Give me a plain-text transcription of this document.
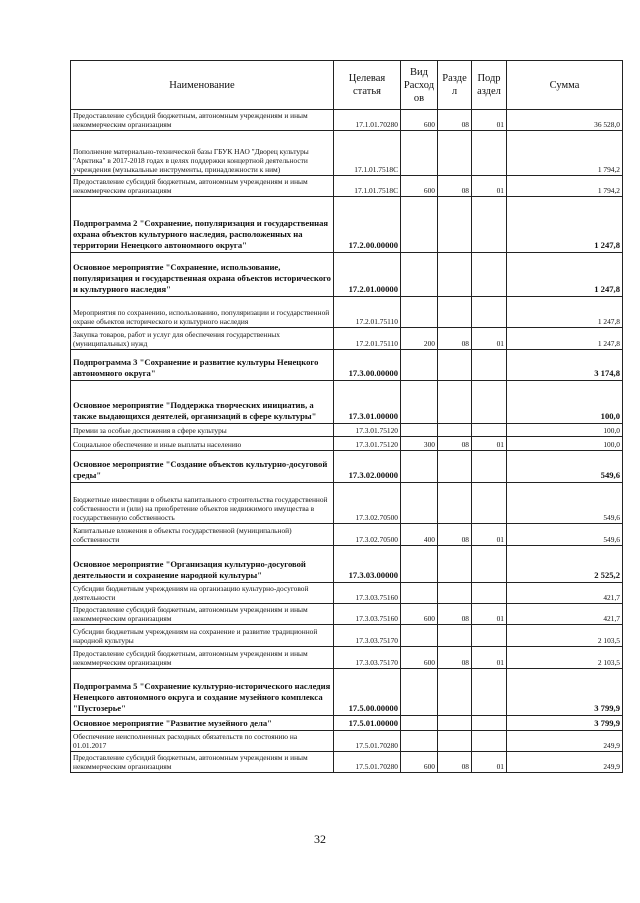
Наименование	Целевая статья	Вид Расход ов	Разде л	Подр аздел	Сумма
Предоставление субсидий бюджетным, автономным учреждениям и иным некоммерческим организациям	17.1.01.70280	600	08	01	36 528,0
Пополнение материально-технической базы ГБУК НАО "Дворец культуры "Арктика" в 2017-2018 годах в целях поддержки концертной деятельности учреждения (музыкальные инструменты, принадлежности к ним)	17.1.01.7518С				1 794,2
Предоставление субсидий бюджетным, автономным учреждениям и иным некоммерческим организациям	17.1.01.7518С	600	08	01	1 794,2
Подпрограмма 2 "Сохранение, популяризация и государственная охрана объектов культурного наследия, расположенных на территории Ненецкого автономного округа"	17.2.00.00000				1 247,8
Основное мероприятие "Сохранение, использование, популяризация и государственная охрана объектов исторического и культурного наследия"	17.2.01.00000				1 247,8
Мероприятия по сохранению, использованию, популяризации и государственной охране объектов исторического и культурного наследия	17.2.01.75110				1 247,8
Закупка товаров, работ и услуг для обеспечения государственных (муниципальных) нужд	17.2.01.75110	200	08	01	1 247,8
Подпрограмма 3 "Сохранение и развитие культуры Ненецкого автономного округа"	17.3.00.00000				3 174,8
Основное мероприятие "Поддержка творческих инициатив, а также выдающихся деятелей, организаций в сфере культуры"	17.3.01.00000				100,0
Премии за особые достижения в сфере культуры	17.3.01.75120				100,0
Социальное обеспечение и иные выплаты населению	17.3.01.75120	300	08	01	100,0
Основное мероприятие "Создание объектов культурно-досуговой среды"	17.3.02.00000				549,6
Бюджетные инвестиции в объекты капитального строительства государственной собственности и (или) на приобретение объектов недвижимого имущества в государственную собственность	17.3.02.70500				549,6
Капитальные вложения в объекты государственной (муниципальной) собственности	17.3.02.70500	400	08	01	549,6
Основное мероприятие "Организация культурно-досуговой деятельности и сохранение народной культуры"	17.3.03.00000				2 525,2
Субсидии бюджетным учреждениям на организацию культурно-досуговой деятельности	17.3.03.75160				421,7
Предоставление субсидий бюджетным, автономным учреждениям и иным некоммерческим организациям	17.3.03.75160	600	08	01	421,7
Субсидии бюджетным учреждениям на сохранение и развитие традиционной народной культуры	17.3.03.75170				2 103,5
Предоставление субсидий бюджетным, автономным учреждениям и иным некоммерческим организациям	17.3.03.75170	600	08	01	2 103,5
Подпрограмма 5 "Сохранение культурно-исторического наследия Ненецкого автономного округа и создание музейного комплекса "Пустозерье"	17.5.00.00000				3 799,9
Основное мероприятие "Развитие музейного дела"	17.5.01.00000				3 799,9
Обеспечение неисполненных расходных обязательств по состоянию на 01.01.2017	17.5.01.70280				249,9
Предоставление субсидий бюджетным, автономным учреждениям и иным некоммерческим организациям	17.5.01.70280	600	08	01	249,9
32
